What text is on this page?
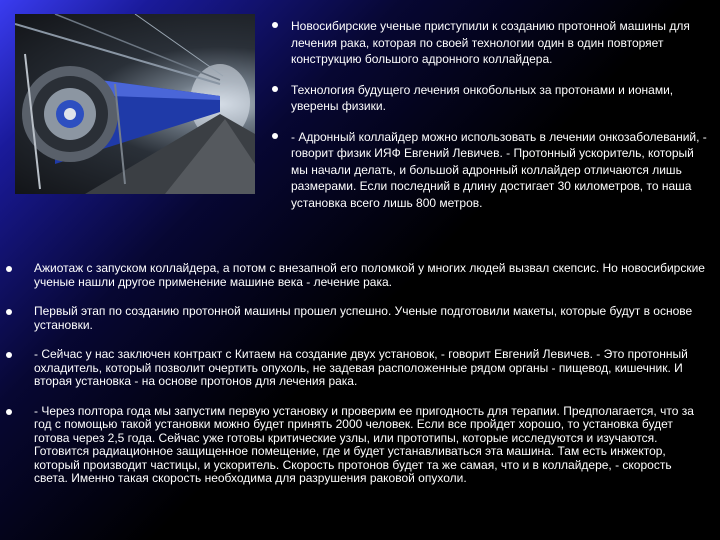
Новосибирские ученые приступили к созданию протонной машины для лечения рака, которая по своей технологии один в один повторяет конструкцию большого адронного коллайдера.
Технология будущего лечения онкобольных за протонами и ионами, уверены физики.
- Адронный коллайдер можно использовать в лечении онкозаболеваний, - говорит физик ИЯФ Евгений Левичев. - Протонный ускоритель, который мы начали делать, и большой адронный коллайдер отличаются лишь размерами. Если последний в длину достигает 30 километров, то наша установка всего лишь 800 метров.
Ажиотаж с запуском коллайдера, а потом с внезапной его поломкой у многих людей вызвал скепсис. Но новосибирские ученые нашли другое применение машине века - лечение рака.
Первый этап по созданию протонной машины прошел успешно. Ученые подготовили макеты, которые будут в основе установки.
- Сейчас у нас заключен контракт с Китаем на создание двух установок, - говорит Евгений Левичев. - Это протонный охладитель, который позволит очертить опухоль, не задевая расположенные рядом органы - пищевод, кишечник. И вторая установка - на основе протонов для лечения рака.
- Через полтора года мы запустим первую установку и проверим ее пригодность для терапии. Предполагается, что за год с помощью такой установки можно будет принять 2000 человек. Если все пройдет хорошо, то установка будет готова через 2,5 года. Сейчас уже готовы критические узлы, или прототипы, которые исследуются и изучаются. Готовится радиационное защищенное помещение, где и будет устанавливаться эта машина. Там есть инжектор, который производит частицы, и ускоритель. Скорость протонов будет та же самая, что и в коллайдере, - скорость света. Именно такая скорость необходима для разрушения раковой опухоли.
